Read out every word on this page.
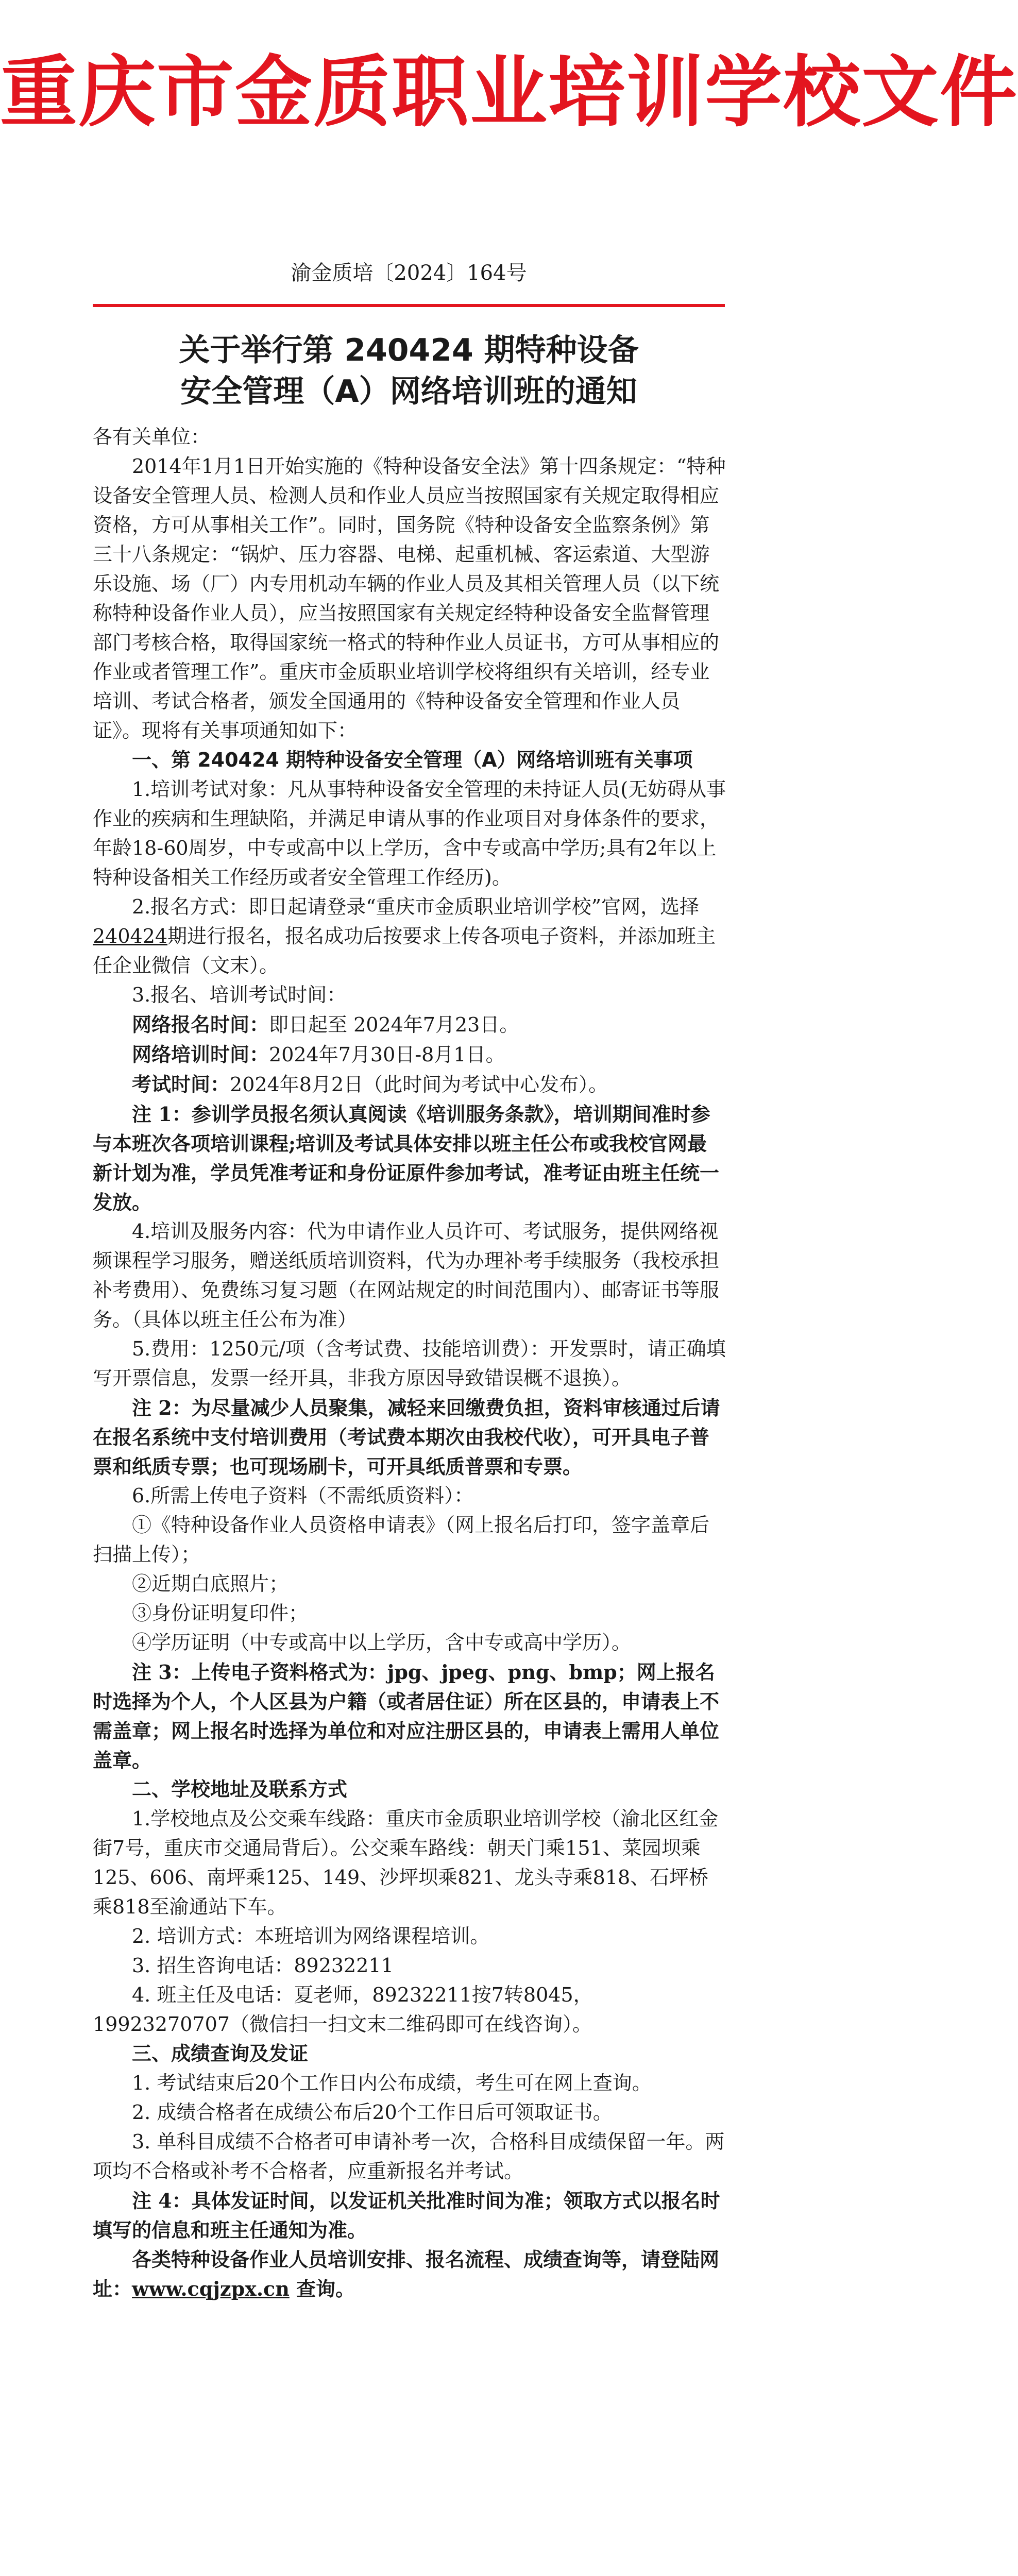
重庆市金质职业培训学校文件
渝金质培〔2024〕164号
关于举行第 240424 期特种设备
安全管理（A）网络培训班的通知

各有关单位：

2014年1月1日开始实施的《特种设备安全法》第十四条规定：“特种设备安全管理人员、检测人员和作业人员应当按照国家有关规定取得相应资格，方可从事相关工作”。同时，国务院《特种设备安全监察条例》第三十八条规定：“锅炉、压力容器、电梯、起重机械、客运索道、大型游乐设施、场（厂）内专用机动车辆的作业人员及其相关管理人员（以下统称特种设备作业人员），应当按照国家有关规定经特种设备安全监督管理部门考核合格，取得国家统一格式的特种作业人员证书，方可从事相应的作业或者管理工作”。重庆市金质职业培训学校将组织有关培训，经专业培训、考试合格者，颁发全国通用的《特种设备安全管理和作业人员证》。现将有关事项通知如下：

一、第 240424 期特种设备安全管理（A）网络培训班有关事项

1.培训考试对象：凡从事特种设备安全管理的未持证人员(无妨碍从事作业的疾病和生理缺陷，并满足申请从事的作业项目对身体条件的要求，年龄18-60周岁，中专或高中以上学历，含中专或高中学历;具有2年以上特种设备相关工作经历或者安全管理工作经历)。

2.报名方式：即日起请登录“重庆市金质职业培训学校”官网，选择240424期进行报名，报名成功后按要求上传各项电子资料，并添加班主任企业微信（文末）。

3.报名、培训考试时间：

网络报名时间：即日起至 2024年7月23日。

网络培训时间：2024年7月30日-8月1日。

考试时间：2024年8月2日（此时间为考试中心发布）。

注 1：参训学员报名须认真阅读《培训服务条款》，培训期间准时参与本班次各项培训课程;培训及考试具体安排以班主任公布或我校官网最新计划为准，学员凭准考证和身份证原件参加考试，准考证由班主任统一发放。

4.培训及服务内容：代为申请作业人员许可、考试服务，提供网络视频课程学习服务，赠送纸质培训资料，代为办理补考手续服务（我校承担补考费用）、免费练习复习题（在网站规定的时间范围内）、邮寄证书等服务。（具体以班主任公布为准）

5.费用：1250元/项（含考试费、技能培训费）：开发票时，请正确填写开票信息，发票一经开具，非我方原因导致错误概不退换）。

注 2：为尽量减少人员聚集，减轻来回缴费负担，资料审核通过后请在报名系统中支付培训费用（考试费本期次由我校代收），可开具电子普票和纸质专票；也可现场刷卡，可开具纸质普票和专票。

6.所需上传电子资料（不需纸质资料）：

①《特种设备作业人员资格申请表》（网上报名后打印，签字盖章后扫描上传）；

②近期白底照片；

③身份证明复印件；

④学历证明（中专或高中以上学历，含中专或高中学历）。

注 3：上传电子资料格式为：jpg、jpeg、png、bmp；网上报名时选择为个人，个人区县为户籍（或者居住证）所在区县的，申请表上不需盖章；网上报名时选择为单位和对应注册区县的，申请表上需用人单位盖章。

二、学校地址及联系方式

1.学校地点及公交乘车线路：重庆市金质职业培训学校（渝北区红金街7号，重庆市交通局背后）。公交乘车路线：朝天门乘151、菜园坝乘125、606、南坪乘125、149、沙坪坝乘821、龙头寺乘818、石坪桥乘818至渝通站下车。

2. 培训方式：本班培训为网络课程培训。

3. 招生咨询电话：89232211

4. 班主任及电话：夏老师，89232211按7转8045，19923270707（微信扫一扫文末二维码即可在线咨询）。

三、成绩查询及发证

1. 考试结束后20个工作日内公布成绩，考生可在网上查询。

2. 成绩合格者在成绩公布后20个工作日后可领取证书。

3. 单科目成绩不合格者可申请补考一次，合格科目成绩保留一年。两项均不合格或补考不合格者，应重新报名并考试。

注 4：具体发证时间，以发证机关批准时间为准；领取方式以报名时填写的信息和班主任通知为准。

各类特种设备作业人员培训安排、报名流程、成绩查询等，请登陆网址：www.cqjzpx.cn 查询。
